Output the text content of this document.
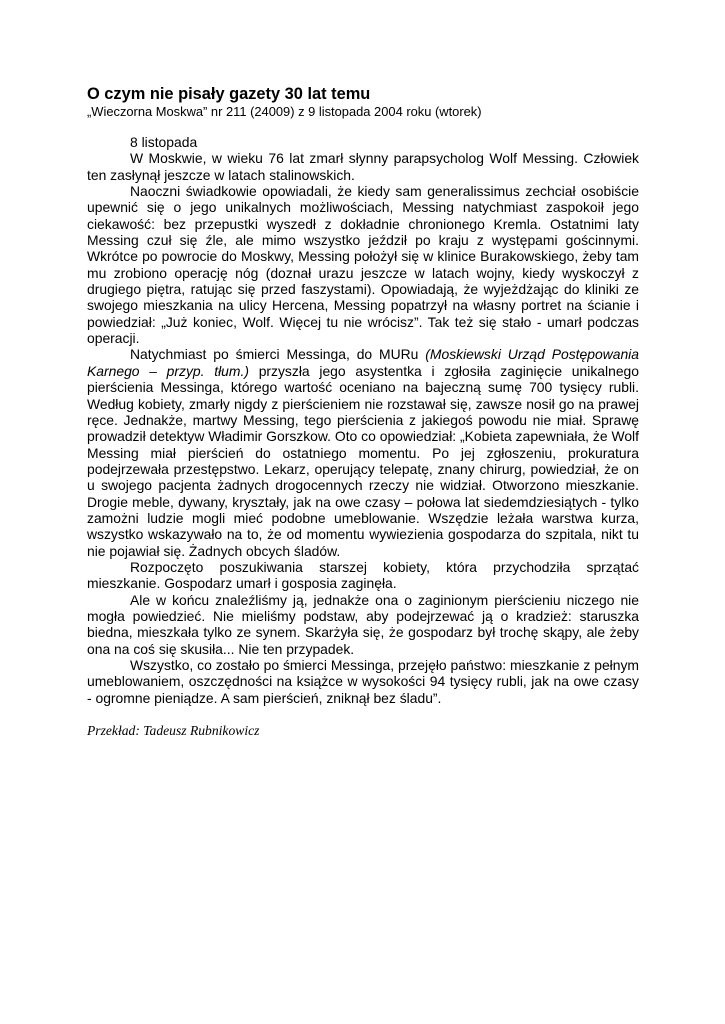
O czym nie pisały gazety 30 lat temu
„Wieczorna Moskwa” nr 211 (24009) z 9 listopada 2004 roku (wtorek)

8 listopada

W Moskwie, w wieku 76 lat zmarł słynny parapsycholog Wolf Messing. Człowiek ten zasłynął jeszcze w latach stalinowskich.

Naoczni świadkowie opowiadali, że kiedy sam generalissimus zechciał osobiście upewnić się o jego unikalnych możliwościach, Messing natychmiast zaspokoił jego ciekawość: bez przepustki wyszedł z dokładnie chronionego Kremla. Ostatnimi laty Messing czuł się źle, ale mimo wszystko jeździł po kraju z występami gościnnymi. Wkrótce po powrocie do Moskwy, Messing położył się w klinice Burakowskiego, żeby tam mu zrobiono operację nóg (doznał urazu jeszcze w latach wojny, kiedy wyskoczył z drugiego piętra, ratując się przed faszystami). Opowiadają, że wyjeżdżając do kliniki ze swojego mieszkania na ulicy Hercena, Messing popatrzył na własny portret na ścianie i powiedział: „Już koniec, Wolf. Więcej tu nie wrócisz”. Tak też się stało - umarł podczas operacji.

Natychmiast po śmierci Messinga, do MURu (Moskiewski Urząd Postępowania Karnego – przyp. tłum.) przyszła jego asystentka i zgłosiła zaginięcie unikalnego pierścienia Messinga, którego wartość oceniano na bajeczną sumę 700 tysięcy rubli. Według kobiety, zmarły nigdy z pierścieniem nie rozstawał się, zawsze nosił go na prawej ręce. Jednakże, martwy Messing, tego pierścienia z jakiegoś powodu nie miał. Sprawę prowadził detektyw Władimir Gorszkow. Oto co opowiedział: „Kobieta zapewniała, że Wolf Messing miał pierścień do ostatniego momentu. Po jej zgłoszeniu, prokuratura podejrzewała przestępstwo. Lekarz, operujący telepatę, znany chirurg, powiedział, że on u swojego pacjenta żadnych drogocennych rzeczy nie widział. Otworzono mieszkanie. Drogie meble, dywany, kryształy, jak na owe czasy – połowa lat siedemdziesiątych - tylko zamożni ludzie mogli mieć podobne umeblowanie. Wszędzie leżała warstwa kurza, wszystko wskazywało na to, że od momentu wywiezienia gospodarza do szpitala, nikt tu nie pojawiał się. Żadnych obcych śladów.

Rozpoczęto poszukiwania starszej kobiety, która przychodziła sprzątać mieszkanie. Gospodarz umarł i gosposia zaginęła.

Ale w końcu znaleźliśmy ją, jednakże ona o zaginionym pierścieniu niczego nie mogła powiedzieć. Nie mieliśmy podstaw, aby podejrzewać ją o kradzież: staruszka biedna, mieszkała tylko ze synem. Skarżyła się, że gospodarz był trochę skąpy, ale żeby ona na coś się skusiła... Nie ten przypadek.

Wszystko, co zostało po śmierci Messinga, przejęło państwo: mieszkanie z pełnym umeblowaniem, oszczędności na książce w wysokości 94 tysięcy rubli, jak na owe czasy - ogromne pieniądze. A sam pierścień, zniknął bez śladu”.

Przekład: Tadeusz Rubnikowicz
